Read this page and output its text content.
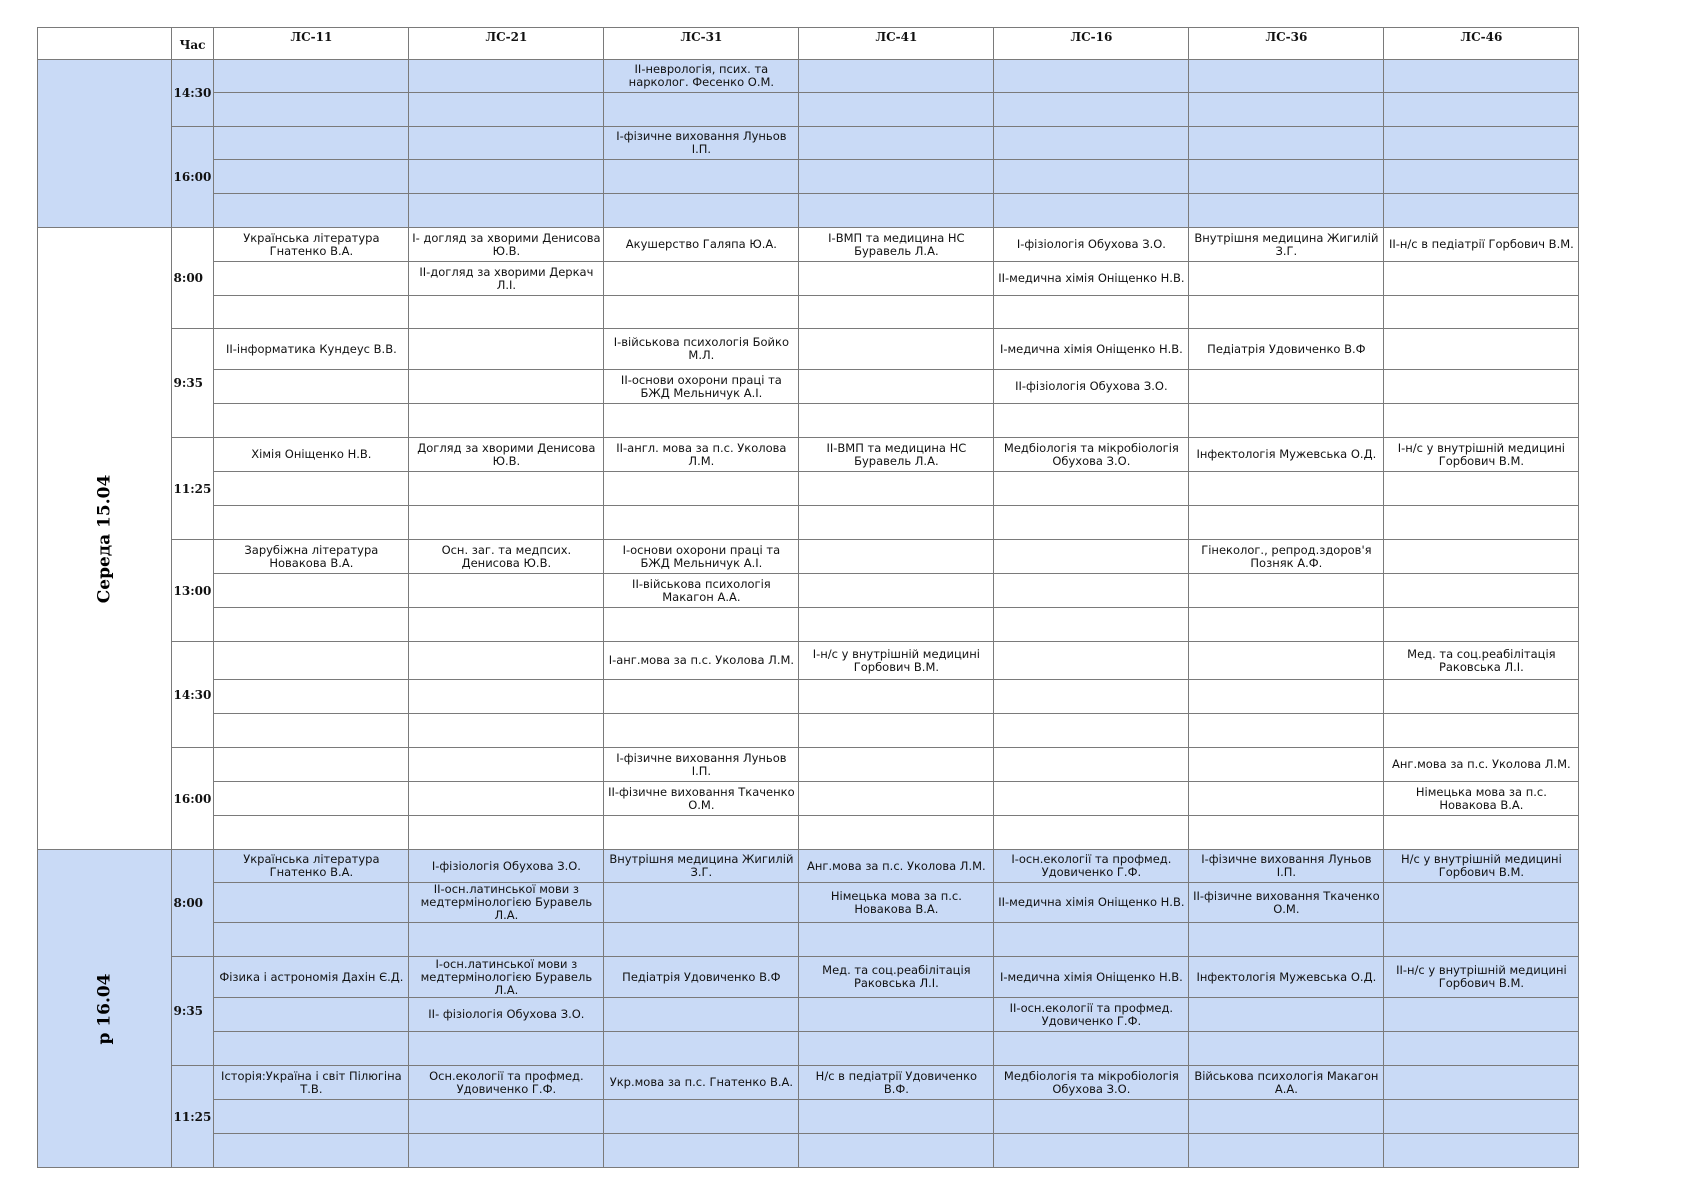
	Час	ЛС-11	ЛС-21	ЛС-31	ЛС-41	ЛС-16	ЛС-36	ЛС-46
	14:30			ІІ-неврологія, псих. та нарколог. Фесенко О.М.				

	16:00			І-фізичне виховання Луньов І.П.				

Середа 15.04	8:00	Українська література Гнатенко В.А.	І- догляд за хворими Денисова Ю.В.	Акушерство Галяпа Ю.А.	І-ВМП та медицина НС Буравель Л.А.	І-фізіологія Обухова З.О.	Внутрішня медицина Жигилій З.Г.	ІІ-н/с в педіатрії Горбович В.М.
			ІІ-догляд за хворими Деркач Л.І.			ІІ-медична хімія Оніщенко Н.В.		

	9:35	ІІ-інформатика Кундеус В.В.		І-військова психологія Бойко М.Л.		І-медична хімія Оніщенко Н.В.	Педіатрія Удовиченко В.Ф	
				ІІ-основи охорони праці та БЖД Мельничук А.І.		ІІ-фізіологія Обухова З.О.		

	11:25	Хімія Оніщенко Н.В.	Догляд за хворими Денисова Ю.В.	ІІ-англ. мова за п.с. Уколова Л.М.	ІІ-ВМП та медицина НС Буравель Л.А.	Медбіологія та мікробіологія Обухова З.О.	Інфектологія Мужевська О.Д.	І-н/с у внутрішній медицині Горбович В.М.

	13:00	Зарубіжна література Новакова В.А.	Осн. заг. та медпсих. Денисова Ю.В.	І-основи охорони праці та БЖД Мельничук А.І.			Гінеколог., репрод.здоров'я Позняк А.Ф.	
				ІІ-військова психологія Макагон А.А.				

	14:30			І-анг.мова за п.с. Уколова Л.М.	І-н/с у внутрішній медицині Горбович В.М.			Мед. та соц.реабілітація Раковська Л.І.

	16:00			І-фізичне виховання Луньов І.П.				Анг.мова за п.с. Уколова Л.М.
				ІІ-фізичне виховання Ткаченко О.М.				Німецька мова за п.с. Новакова В.А.

р 16.04	8:00	Українська література Гнатенко В.А.	І-фізіологія Обухова З.О.	Внутрішня медицина Жигилій З.Г.	Анг.мова за п.с. Уколова Л.М.	І-осн.екології та профмед. Удовиченко Г.Ф.	І-фізичне виховання Луньов І.П.	Н/с у внутрішній медицині Горбович В.М.
			ІІ-осн.латинської мови з медтермінологією Буравель Л.А.		Німецька мова за п.с. Новакова В.А.	ІІ-медична хімія Оніщенко Н.В.	ІІ-фізичне виховання Ткаченко О.М.	

	9:35	Фізика і астрономія Дахін Є.Д.	І-осн.латинської мови з медтермінологією Буравель Л.А.	Педіатрія Удовиченко В.Ф	Мед. та соц.реабілітація Раковська Л.І.	І-медична хімія Оніщенко Н.В.	Інфектологія Мужевська О.Д.	ІІ-н/с у внутрішній медицині Горбович В.М.
			ІІ- фізіологія Обухова З.О.			ІІ-осн.екології та профмед. Удовиченко Г.Ф.		

	11:25	Історія:Україна і світ Пілюгіна Т.В.	Осн.екології та профмед. Удовиченко Г.Ф.	Укр.мова за п.с. Гнатенко В.А.	Н/с в педіатрії Удовиченко В.Ф.	Медбіологія та мікробіологія Обухова З.О.	Військова психологія Макагон А.А.	
